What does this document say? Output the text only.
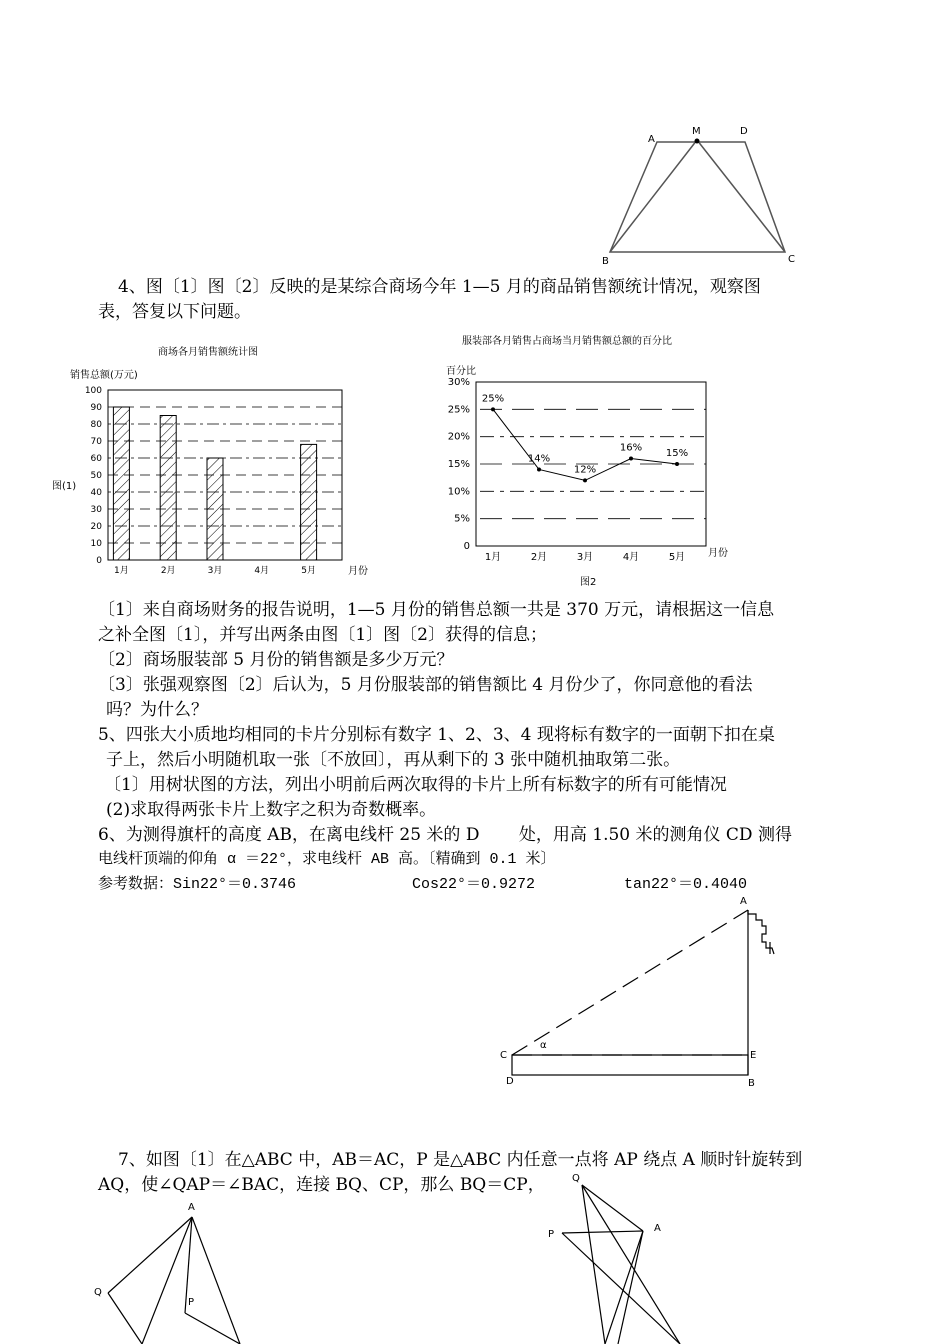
A
M	D
B	C
4、图〔1〕图〔2〕反映的是某综合商场今年 1—5 月的商品销售额统计情况，观察图
表，答复以下问题。
商场各月销售额统计图
销售总额(万元)
图(1)
月份
0
10
20
30
40
50
60
70
80
90
100
1月	2月	3月	4月	5月
服装部各月销售占商场当月销售额总额的百分比
百分比
月份
图2
25%
14%
12%
16% 15%
0
5%
10%
15%
20%
25%
30%
1月	2月	3月	4月	5月
〔1〕来自商场财务的报告说明，1—5 月份的销售总额一共是 370 万元，请根据这一信息
之补全图〔1〕，并写出两条由图〔1〕图〔2〕获得的信息；
〔2〕商场服装部 5 月份的销售额是多少万元？
〔3〕张强观察图〔2〕后认为，5 月份服装部的销售额比 4 月份少了，你同意他的看法
吗？为什么？
5、四张大小质地均相同的卡片分别标有数字 1、2、3、4 现将标有数字的一面朝下扣在桌
子上，然后小明随机取一张〔不放回〕，再从剩下的 3 张中随机抽取第二张。
〔1〕用树状图的方法，列出小明前后两次取得的卡片上所有标数字的所有可能情况
(2)求取得两张卡片上数字之积为奇数概率。
6、为测得旗杆的高度 AB，在离电线杆 25 米的 D　　 处，用高 1.50 米的测角仪 CD 测得
电线杆顶端的仰角 α ＝22°，求电线杆 AB 高。〔精确到 0.1 米〕
参考数据：Sin22°＝0.3746	Cos22°＝0.9272	tan22°＝0.4040
A
C	E
D	B
α
7、如图〔1〕在△ABC 中，AB＝AC，P 是△ABC 内任意一点将 AP 绕点 A 顺时针旋转到
AQ，使∠QAP＝∠BAC，连接 BQ、CP，那么 BQ＝CP，
A
Q
P
Q
P
A
